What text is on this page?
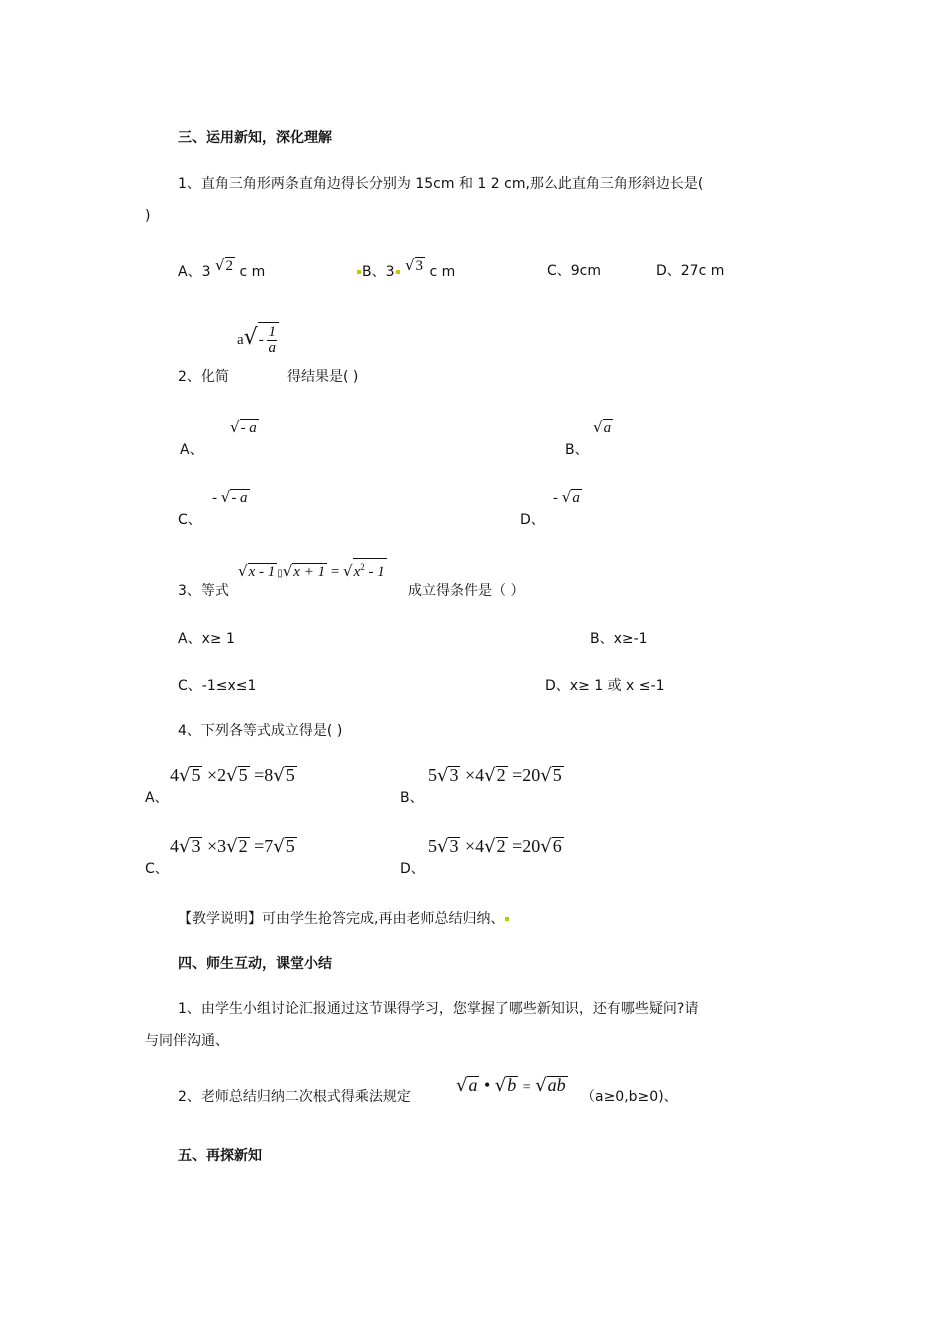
三、运用新知，深化理解
1、直角三角形两条直角边得长分别为 15cm 和 1 2 cm,那么此直角三角形斜边长是(
)
A、3 √2 c m	B、3 √3 c m	C、9cm	D、27c m
$a√- \frac{1}{a}$
2、化简	得结果是( )
√- a
A、
√a
B、
- √- a
C、
- √a
D、
√x - 1 ▯√x + $1 = √x^2 - 1$
3、等式	成立得条件是（ ）
A、x≥ 1	B、x≥-1
C、-1≤x≤1	D、x≥ 1 或 x ≤-1
4、下列各等式成立得是( )
4√5 ×2√5 =8√5
A、
5√3 ×4√2 =20√5
B、
4√3 ×3√2 =7√5
C、
5√3 ×4√2 =20√6
D、
【教学说明】可由学生抢答完成,再由老师总结归纳、
四、师生互动，课堂小结
1、由学生小组讨论汇报通过这节课得学习，您掌握了哪些新知识，还有哪些疑问?请
与同伴沟通、
2、老师总结归纳二次根式得乘法规定
√a • √b = √ab
（a≥0,b≥0)、
五、再探新知
